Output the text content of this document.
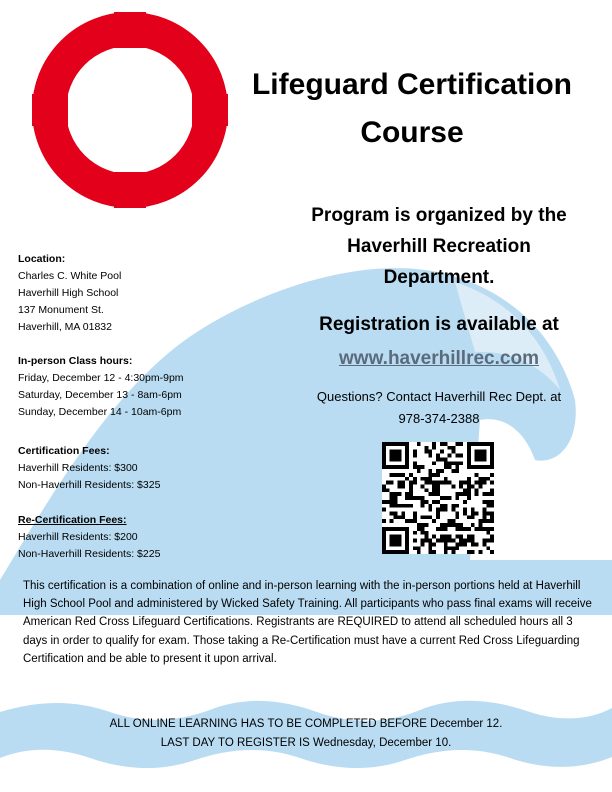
Lifeguard Certification
Course
Program is organized by the
Haverhill Recreation
Department.
Registration is available at
www.haverhillrec.com
Questions? Contact Haverhill Rec Dept. at
978-374-2388
Location:
Charles C. White Pool
Haverhill High School
137 Monument St.
Haverhill, MA 01832
In-person Class hours:
Friday, December 12 - 4:30pm-9pm
Saturday, December 13 - 8am-6pm
Sunday, December 14 - 10am-6pm
Certification Fees:
Haverhill Residents: $300
Non-Haverhill Residents: $325
Re-Certification Fees:
Haverhill Residents: $200
Non-Haverhill Residents: $225
This certification is a combination of online and in-person learning with the in-person portions held at Haverhill High School Pool and administered by Wicked Safety Training. All participants who pass final exams will receive American Red Cross Lifeguard Certifications. Registrants are REQUIRED to attend all scheduled hours all 3 days in order to qualify for exam. Those taking a Re-Certification must have a current Red Cross Lifeguarding Certification and be able to present it upon arrival.
ALL ONLINE LEARNING HAS TO BE COMPLETED BEFORE December 12.
LAST DAY TO REGISTER IS Wednesday, December 10.
